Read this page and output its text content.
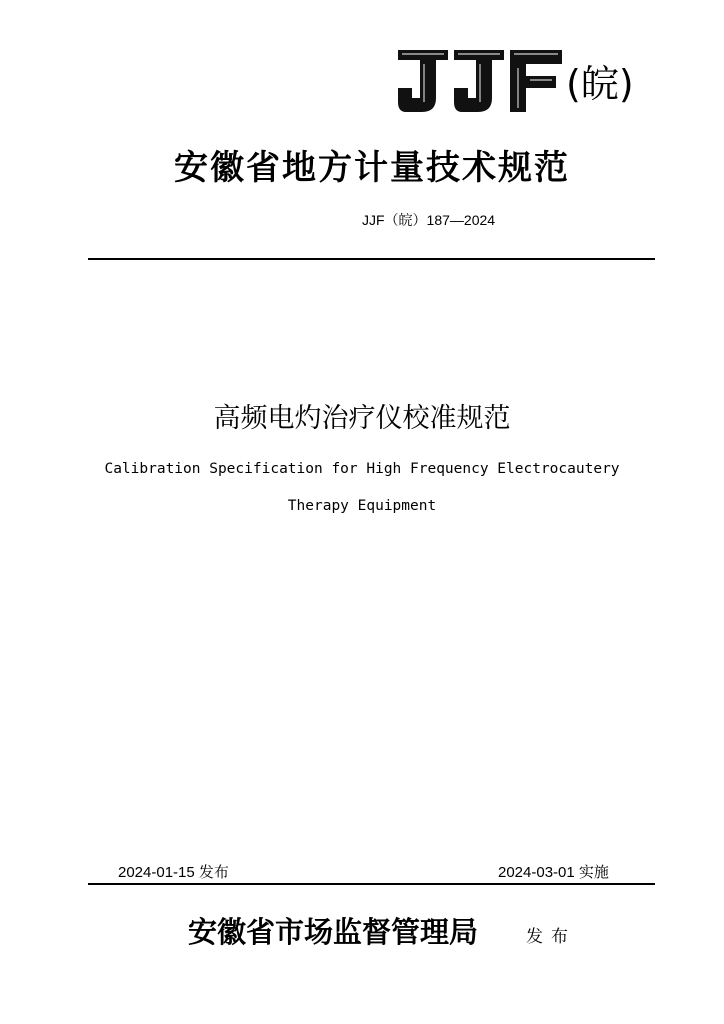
(皖)
安徽省地方计量技术规范
JJF（皖）187—2024
高频电灼治疗仪校准规范
Calibration Specification for High Frequency Electrocautery
Therapy Equipment
2024-01-15 发布	2024-03-01 实施
安徽省市场监督管理局	发布
